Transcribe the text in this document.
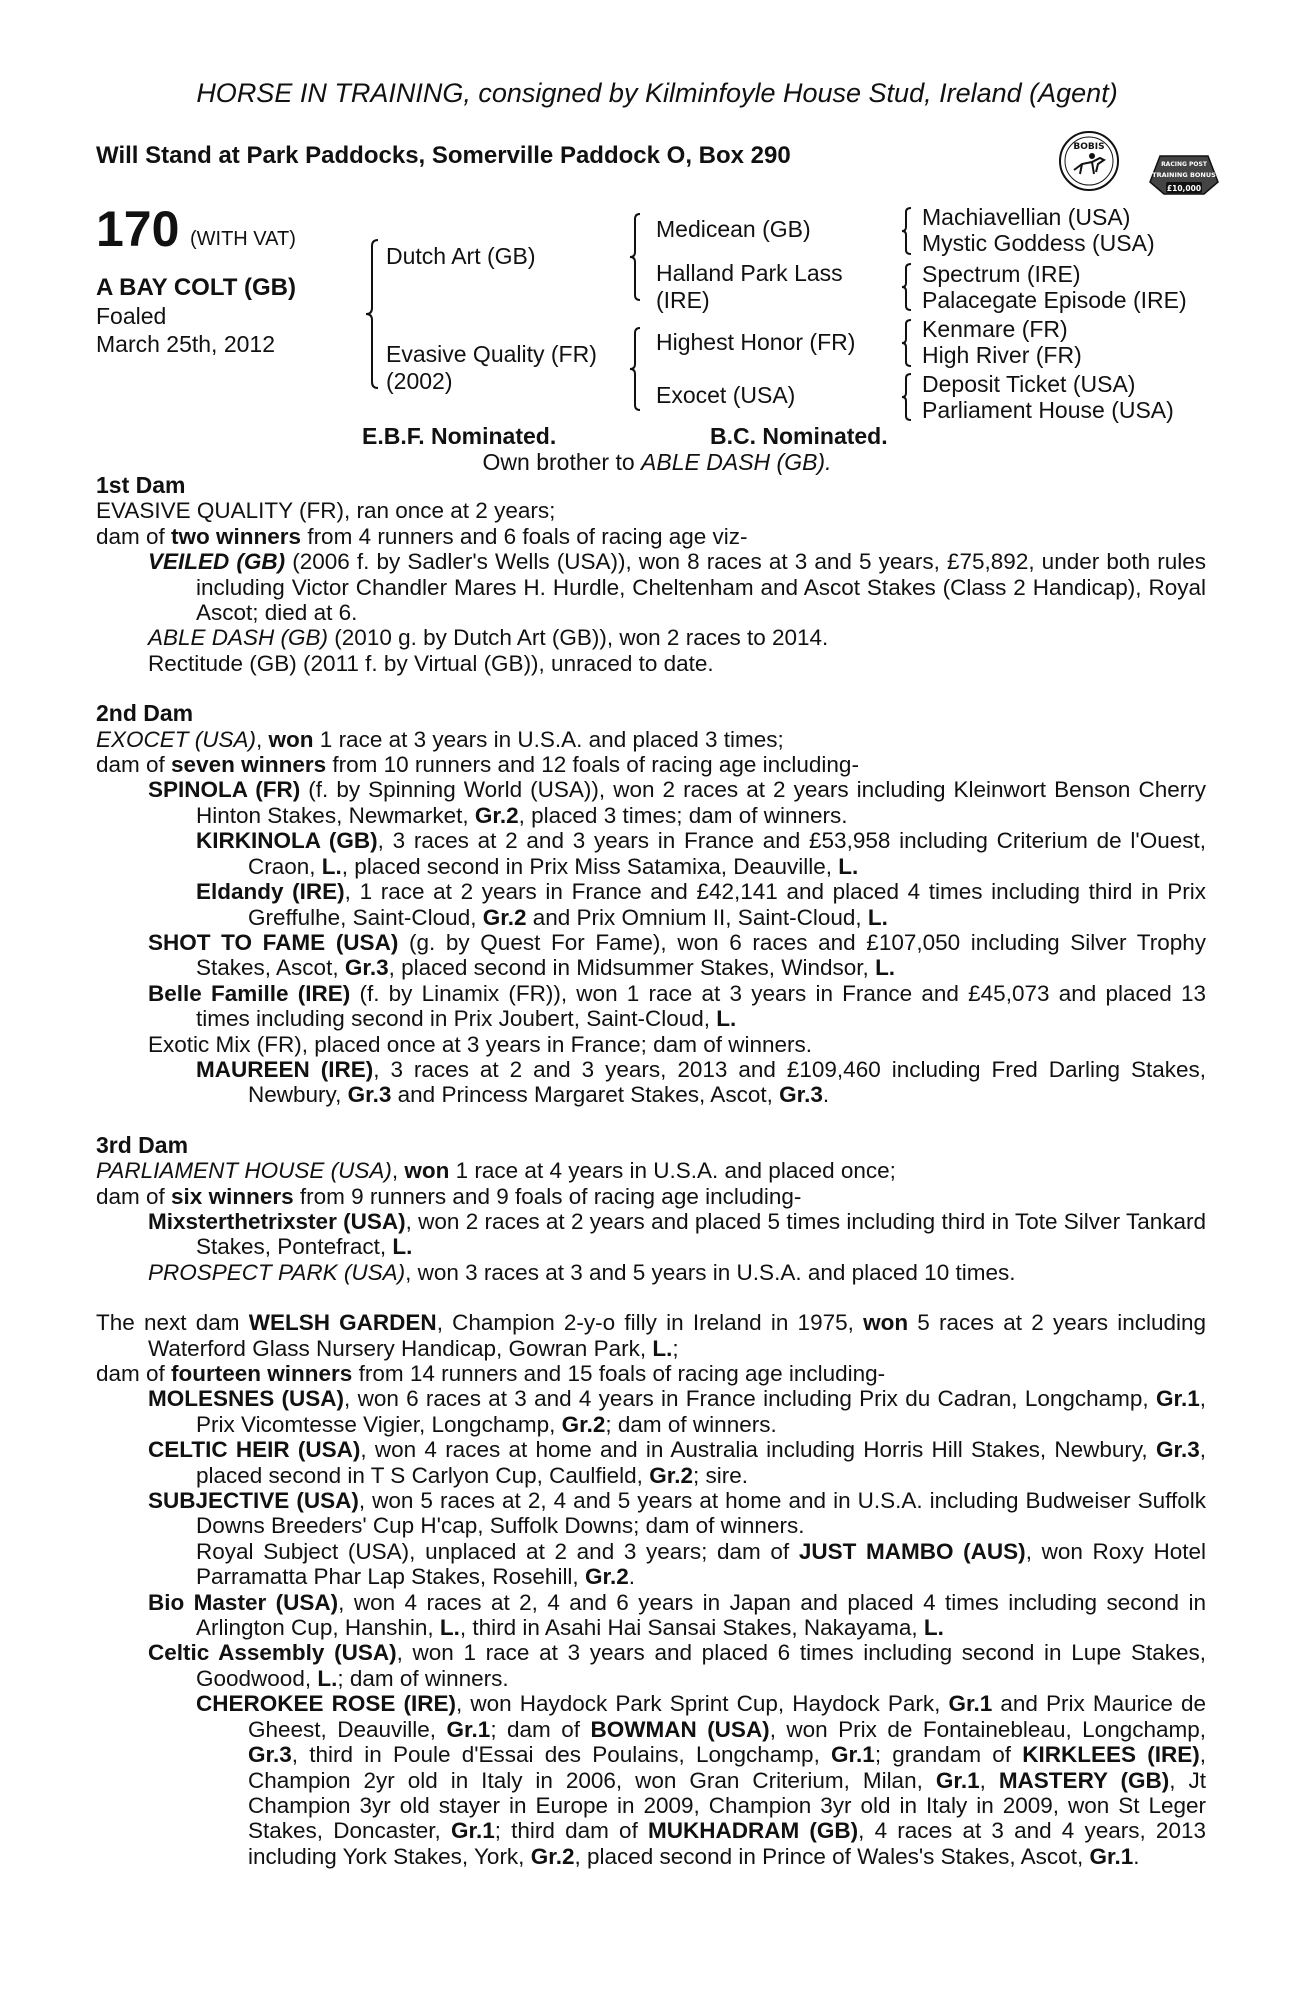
HORSE IN TRAINING, consigned by Kilminfoyle House Stud, Ireland (Agent)
Will Stand at Park Paddocks, Somerville Paddock O, Box 290	BOBIS
RACING POST
TRAINING BONUS
£10,000
170 (WITH VAT)
A BAY COLT (GB)
Foaled
March 25th, 2012
Dutch Art (GB)
Evasive Quality (FR)
(2002)
Medicean (GB)
Halland Park Lass
(IRE)
Highest Honor (FR)
Exocet (USA)
Machiavellian (USA)
Mystic Goddess (USA)
Spectrum (IRE)
Palacegate Episode (IRE)
Kenmare (FR)
High River (FR)
Deposit Ticket (USA)
Parliament House (USA)
E.B.F. Nominated.	B.C. Nominated.
Own brother to ABLE DASH (GB).
1st Dam
EVASIVE QUALITY (FR), ran once at 2 years;
dam of two winners from 4 runners and 6 foals of racing age viz-
VEILED (GB) (2006 f. by Sadler's Wells (USA)), won 8 races at 3 and 5 years, £75,892, under both rules including Victor Chandler Mares H. Hurdle, Cheltenham and Ascot Stakes (Class 2 Handicap), Royal Ascot; died at 6.
ABLE DASH (GB) (2010 g. by Dutch Art (GB)), won 2 races to 2014.
Rectitude (GB) (2011 f. by Virtual (GB)), unraced to date.
2nd Dam
EXOCET (USA), won 1 race at 3 years in U.S.A. and placed 3 times;
dam of seven winners from 10 runners and 12 foals of racing age including-
SPINOLA (FR) (f. by Spinning World (USA)), won 2 races at 2 years including Kleinwort Benson Cherry Hinton Stakes, Newmarket, Gr.2, placed 3 times; dam of winners.
KIRKINOLA (GB), 3 races at 2 and 3 years in France and £53,958 including Criterium de l'Ouest, Craon, L., placed second in Prix Miss Satamixa, Deauville, L.
Eldandy (IRE), 1 race at 2 years in France and £42,141 and placed 4 times including third in Prix Greffulhe, Saint-Cloud, Gr.2 and Prix Omnium II, Saint-Cloud, L.
SHOT TO FAME (USA) (g. by Quest For Fame), won 6 races and £107,050 including Silver Trophy Stakes, Ascot, Gr.3, placed second in Midsummer Stakes, Windsor, L.
Belle Famille (IRE) (f. by Linamix (FR)), won 1 race at 3 years in France and £45,073 and placed 13 times including second in Prix Joubert, Saint-Cloud, L.
Exotic Mix (FR), placed once at 3 years in France; dam of winners.
MAUREEN (IRE), 3 races at 2 and 3 years, 2013 and £109,460 including Fred Darling Stakes, Newbury, Gr.3 and Princess Margaret Stakes, Ascot, Gr.3.
3rd Dam
PARLIAMENT HOUSE (USA), won 1 race at 4 years in U.S.A. and placed once;
dam of six winners from 9 runners and 9 foals of racing age including-
Mixsterthetrixster (USA), won 2 races at 2 years and placed 5 times including third in Tote Silver Tankard Stakes, Pontefract, L.
PROSPECT PARK (USA), won 3 races at 3 and 5 years in U.S.A. and placed 10 times.
The next dam WELSH GARDEN, Champion 2-y-o filly in Ireland in 1975, won 5 races at 2 years including Waterford Glass Nursery Handicap, Gowran Park, L.;
dam of fourteen winners from 14 runners and 15 foals of racing age including-
MOLESNES (USA), won 6 races at 3 and 4 years in France including Prix du Cadran, Longchamp, Gr.1, Prix Vicomtesse Vigier, Longchamp, Gr.2; dam of winners.
CELTIC HEIR (USA), won 4 races at home and in Australia including Horris Hill Stakes, Newbury, Gr.3, placed second in T S Carlyon Cup, Caulfield, Gr.2; sire.
SUBJECTIVE (USA), won 5 races at 2, 4 and 5 years at home and in U.S.A. including Budweiser Suffolk Downs Breeders' Cup H'cap, Suffolk Downs; dam of winners.
Royal Subject (USA), unplaced at 2 and 3 years; dam of JUST MAMBO (AUS), won Roxy Hotel Parramatta Phar Lap Stakes, Rosehill, Gr.2.
Bio Master (USA), won 4 races at 2, 4 and 6 years in Japan and placed 4 times including second in Arlington Cup, Hanshin, L., third in Asahi Hai Sansai Stakes, Nakayama, L.
Celtic Assembly (USA), won 1 race at 3 years and placed 6 times including second in Lupe Stakes, Goodwood, L.; dam of winners.
CHEROKEE ROSE (IRE), won Haydock Park Sprint Cup, Haydock Park, Gr.1 and Prix Maurice de Gheest, Deauville, Gr.1; dam of BOWMAN (USA), won Prix de Fontainebleau, Longchamp, Gr.3, third in Poule d'Essai des Poulains, Longchamp, Gr.1; grandam of KIRKLEES (IRE), Champion 2yr old in Italy in 2006, won Gran Criterium, Milan, Gr.1, MASTERY (GB), Jt Champion 3yr old stayer in Europe in 2009, Champion 3yr old in Italy in 2009, won St Leger Stakes, Doncaster, Gr.1; third dam of MUKHADRAM (GB), 4 races at 3 and 4 years, 2013 including York Stakes, York, Gr.2, placed second in Prince of Wales's Stakes, Ascot, Gr.1.
